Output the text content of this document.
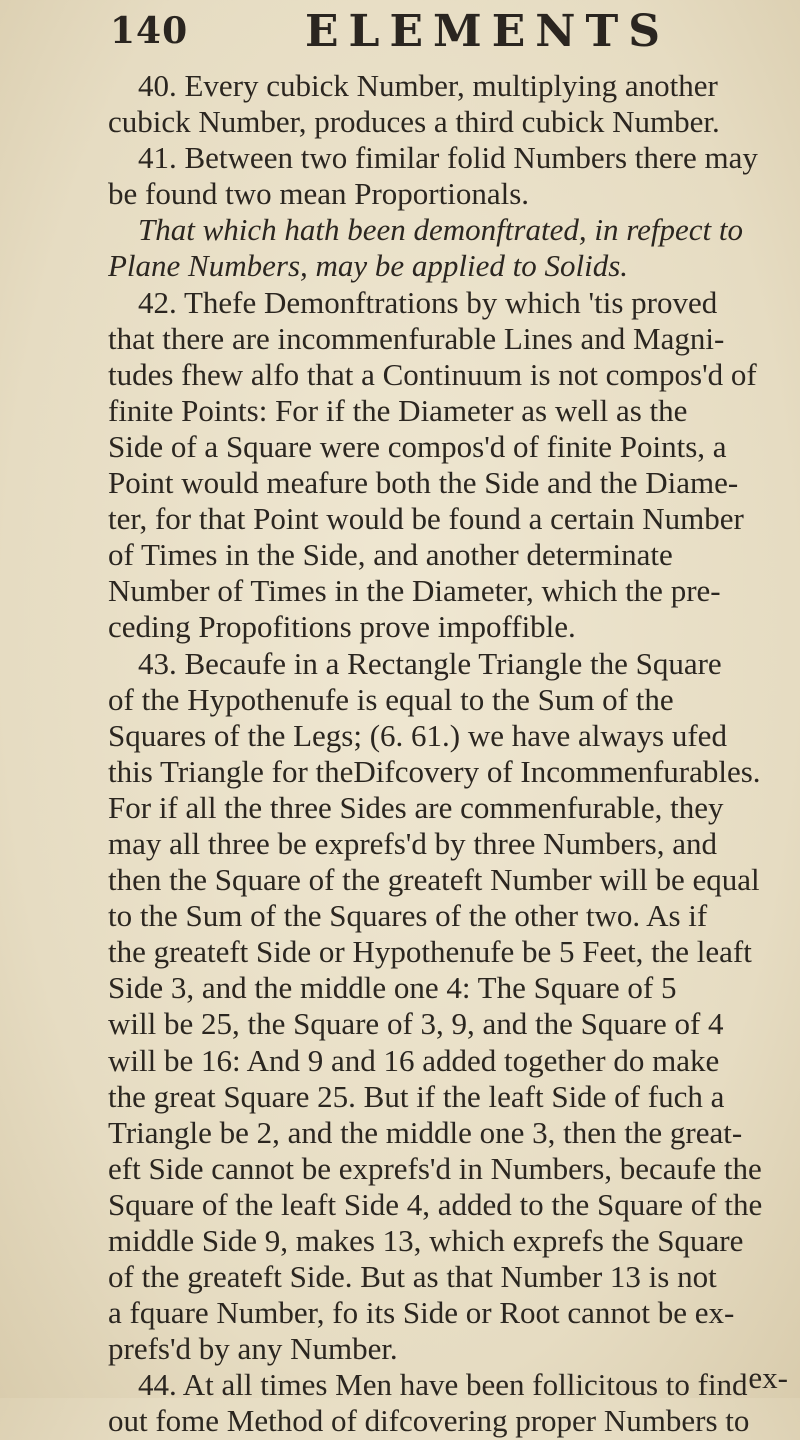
140	ELEMENTS
40. Every cubick Number, multiplying another
cubick Number, produces a third cubick Number.
41. Between two fimilar folid Numbers there may
be found two mean Proportionals.
That which hath been demonftrated, in refpect to
Plane Numbers, may be applied to Solids.
42. Thefe Demonftrations by which 'tis proved
that there are incommenfurable Lines and Magni-
tudes fhew alfo that a Continuum is not compos'd of
finite Points: For if the Diameter as well as the
Side of a Square were compos'd of finite Points, a
Point would meafure both the Side and the Diame-
ter, for that Point would be found a certain Number
of Times in the Side, and another determinate
Number of Times in the Diameter, which the pre-
ceding Propofitions prove impoffible.
43. Becaufe in a Rectangle Triangle the Square
of the Hypothenufe is equal to the Sum of the
Squares of the Legs; (6. 61.) we have always ufed
this Triangle for theDifcovery of Incommenfurables.
For if all the three Sides are commenfurable, they
may all three be exprefs'd by three Numbers, and
then the Square of the greateft Number will be equal
to the Sum of the Squares of the other two. As if
the greateft Side or Hypothenufe be 5 Feet, the leaft
Side 3, and the middle one 4: The Square of 5
will be 25, the Square of 3, 9, and the Square of 4
will be 16: And 9 and 16 added together do make
the great Square 25. But if the leaft Side of fuch a
Triangle be 2, and the middle one 3, then the great-
eft Side cannot be exprefs'd in Numbers, becaufe the
Square of the leaft Side 4, added to the Square of the
middle Side 9, makes 13, which exprefs the Square
of the greateft Side. But as that Number 13 is not
a fquare Number, fo its Side or Root cannot be ex-
prefs'd by any Number.
44. At all times Men have been follicitous to find
out fome Method of difcovering proper Numbers to
ex-
